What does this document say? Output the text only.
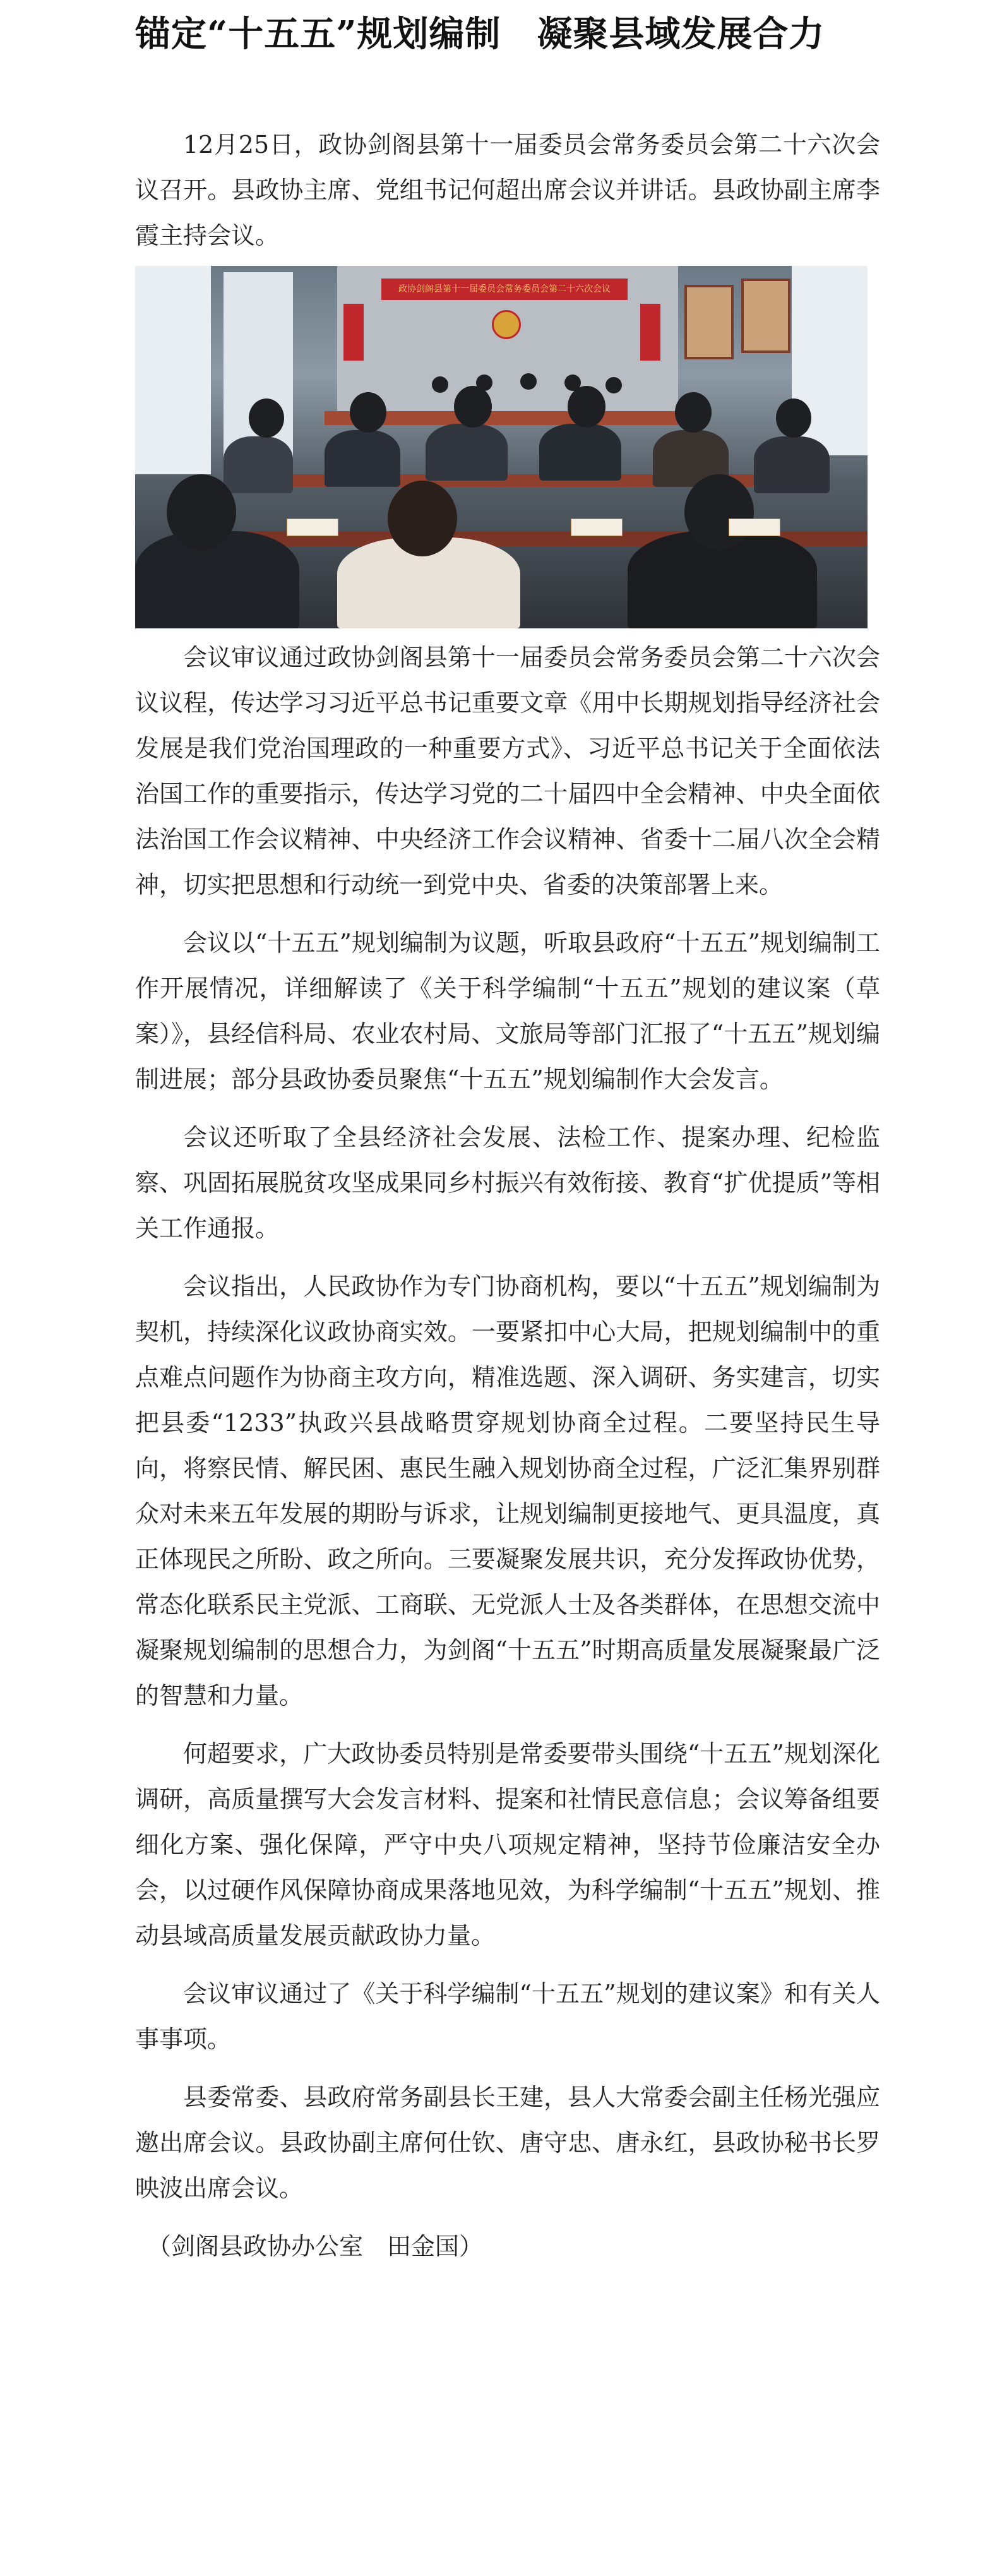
锚定“十五五”规划编制　凝聚县域发展合力

12月25日，政协剑阁县第十一届委员会常务委员会第二十六次会议召开。县政协主席、党组书记何超出席会议并讲话。县政协副主席李霞主持会议。

政协剑阁县第十一届委员会常务委员会第二十六次会议

会议审议通过政协剑阁县第十一届委员会常务委员会第二十六次会议议程，传达学习习近平总书记重要文章《用中长期规划指导经济社会发展是我们党治国理政的一种重要方式》、习近平总书记关于全面依法治国工作的重要指示，传达学习党的二十届四中全会精神、中央全面依法治国工作会议精神、中央经济工作会议精神、省委十二届八次全会精神，切实把思想和行动统一到党中央、省委的决策部署上来。

会议以“十五五”规划编制为议题，听取县政府“十五五”规划编制工作开展情况，详细解读了《关于科学编制“十五五”规划的建议案（草案）》，县经信科局、农业农村局、文旅局等部门汇报了“十五五”规划编制进展；部分县政协委员聚焦“十五五”规划编制作大会发言。

会议还听取了全县经济社会发展、法检工作、提案办理、纪检监察、巩固拓展脱贫攻坚成果同乡村振兴有效衔接、教育“扩优提质”等相关工作通报。

会议指出，人民政协作为专门协商机构，要以“十五五”规划编制为契机，持续深化议政协商实效。一要紧扣中心大局，把规划编制中的重点难点问题作为协商主攻方向，精准选题、深入调研、务实建言，切实把县委“1233”执政兴县战略贯穿规划协商全过程。二要坚持民生导向，将察民情、解民困、惠民生融入规划协商全过程，广泛汇集界别群众对未来五年发展的期盼与诉求，让规划编制更接地气、更具温度，真正体现民之所盼、政之所向。三要凝聚发展共识，充分发挥政协优势，常态化联系民主党派、工商联、无党派人士及各类群体，在思想交流中凝聚规划编制的思想合力，为剑阁“十五五”时期高质量发展凝聚最广泛的智慧和力量。

何超要求，广大政协委员特别是常委要带头围绕“十五五”规划深化调研，高质量撰写大会发言材料、提案和社情民意信息；会议筹备组要细化方案、强化保障，严守中央八项规定精神，坚持节俭廉洁安全办会，以过硬作风保障协商成果落地见效，为科学编制“十五五”规划、推动县域高质量发展贡献政协力量。

会议审议通过了《关于科学编制“十五五”规划的建议案》和有关人事事项。

县委常委、县政府常务副县长王建，县人大常委会副主任杨光强应邀出席会议。县政协副主席何仕钦、唐守忠、唐永红，县政协秘书长罗映波出席会议。

（剑阁县政协办公室　田金国）
